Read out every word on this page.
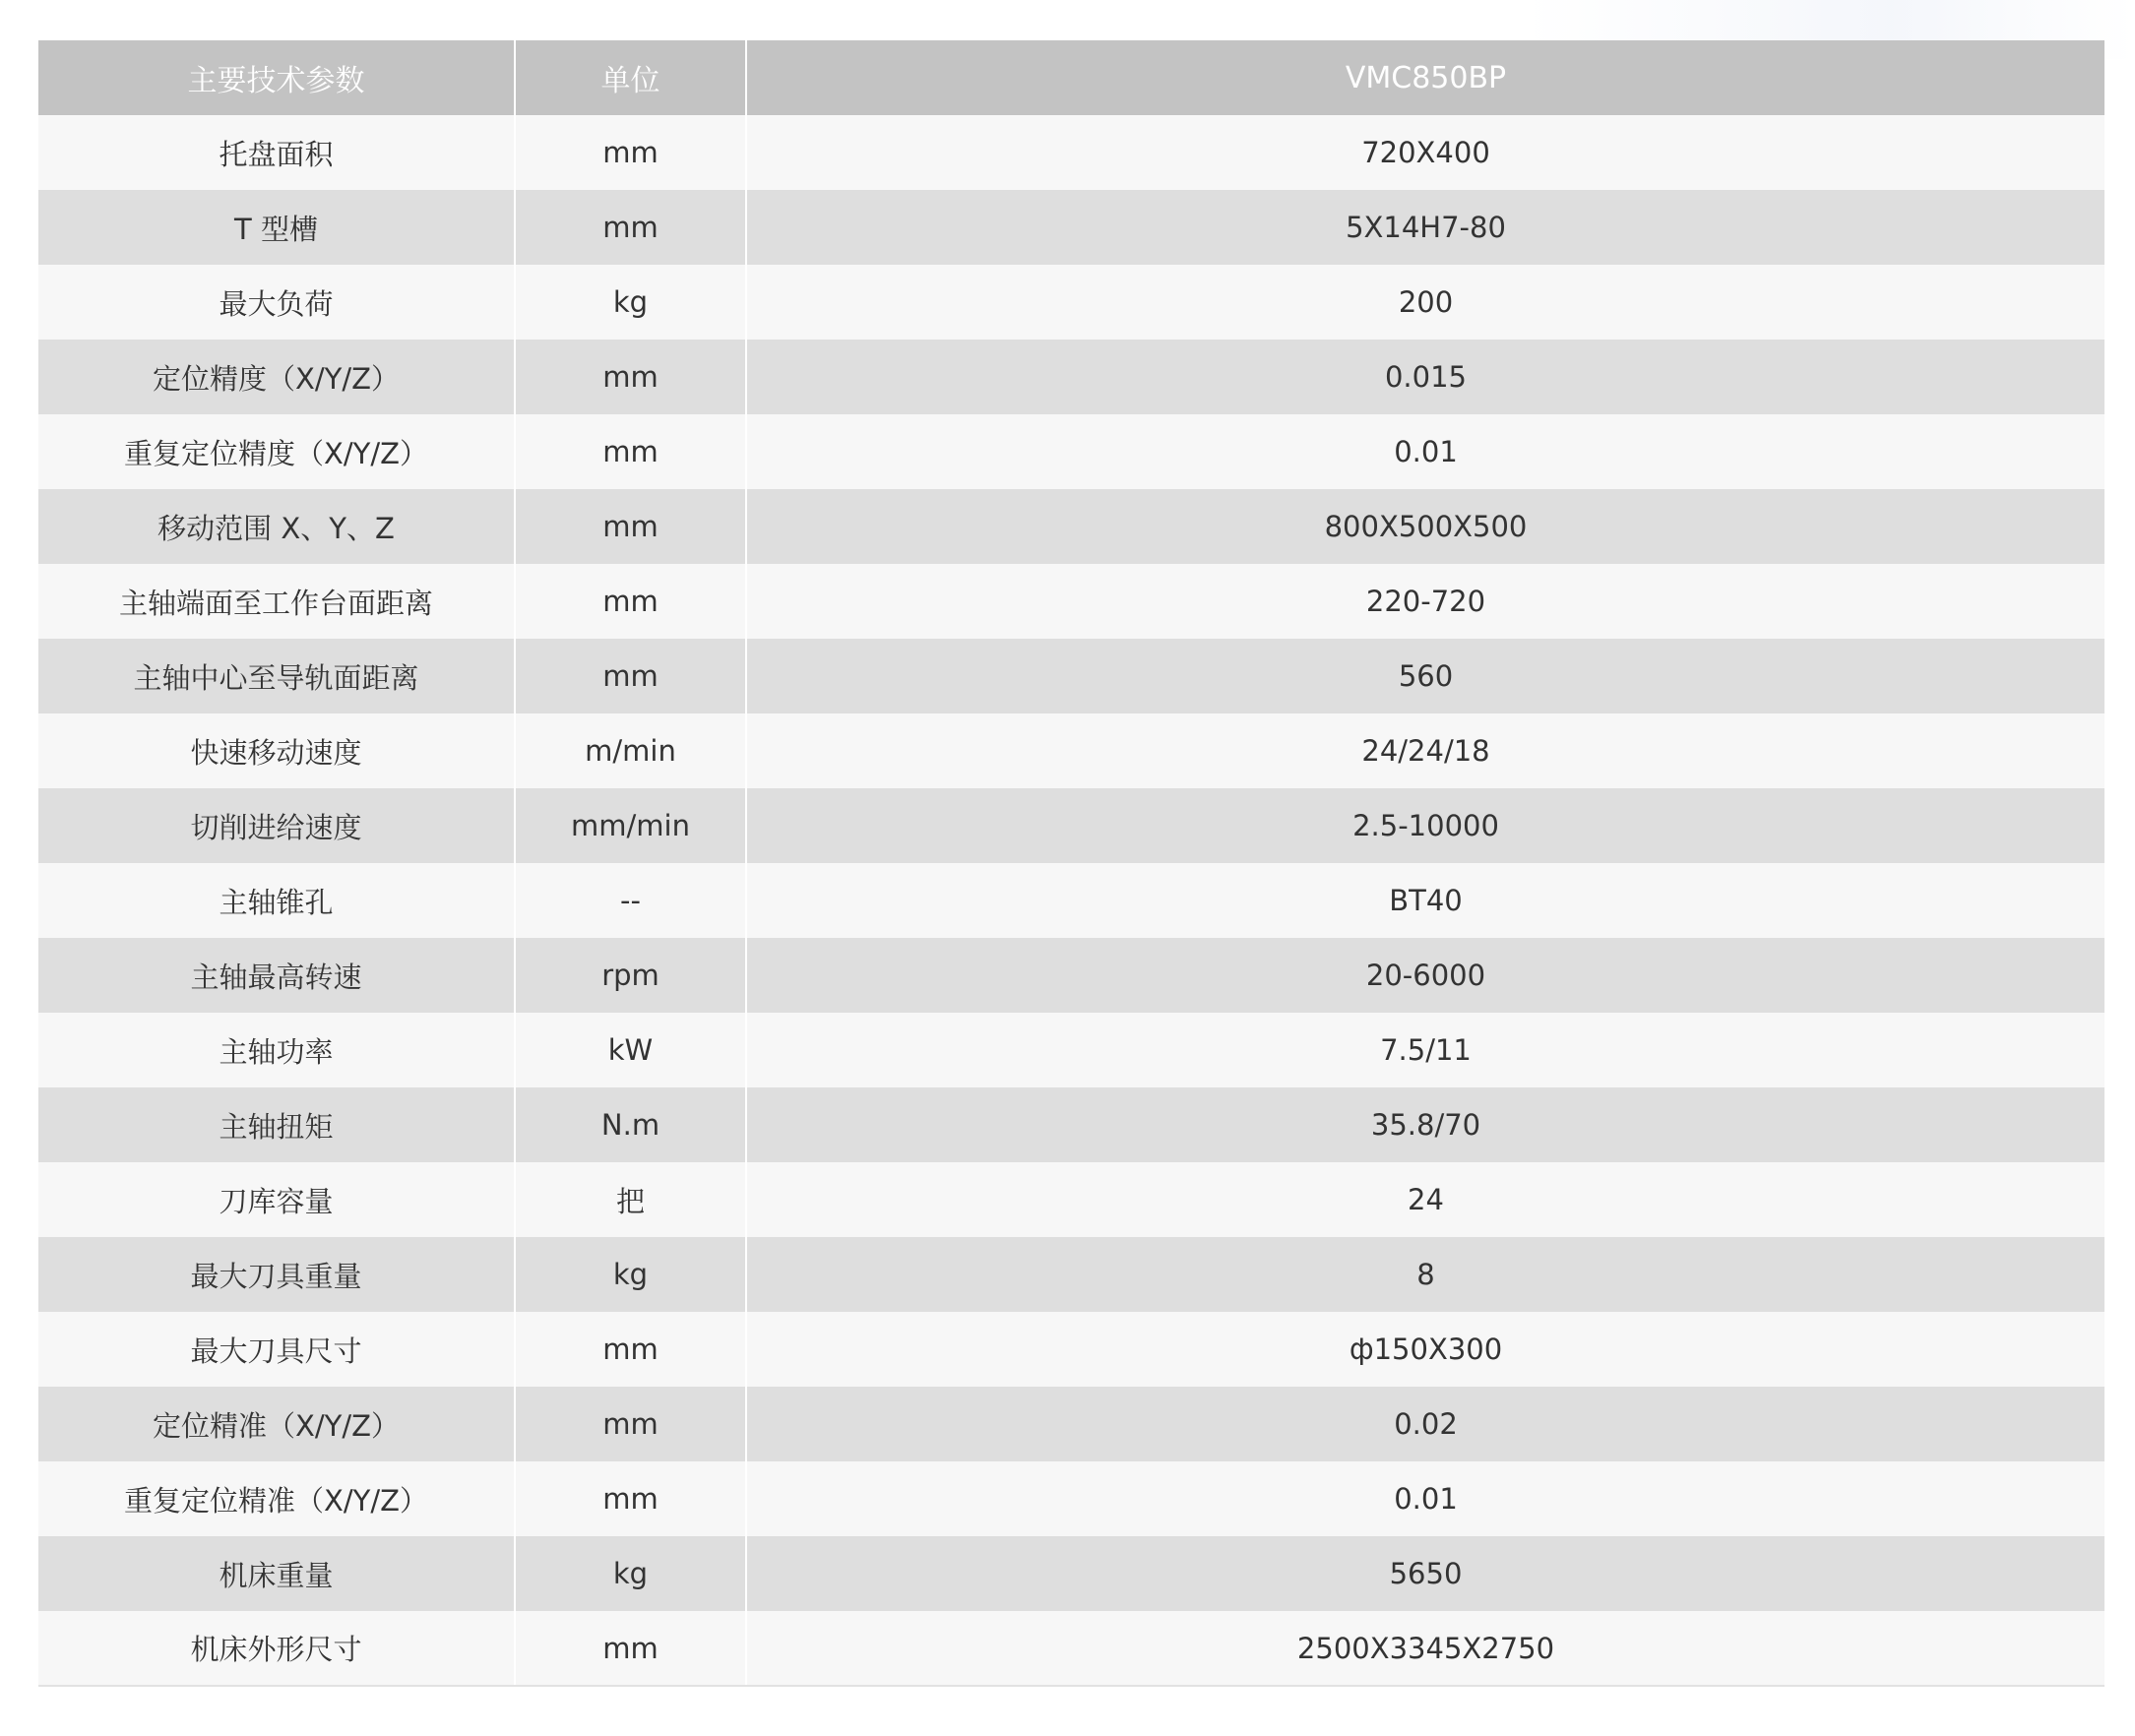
主要技术参数	单位	VMC850BP
托盘面积	mm	720X400
T 型槽	mm	5X14H7-80
最大负荷	kg	200
定位精度（X/Y/Z）	mm	0.015
重复定位精度（X/Y/Z）	mm	0.01
移动范围 X、Y、Z	mm	800X500X500
主轴端面至工作台面距离	mm	220-720
主轴中心至导轨面距离	mm	560
快速移动速度	m/min	24/24/18
切削进给速度	mm/min	2.5-10000
主轴锥孔	--	BT40
主轴最高转速	rpm	20-6000
主轴功率	kW	7.5/11
主轴扭矩	N.m	35.8/70
刀库容量	把	24
最大刀具重量	kg	8
最大刀具尺寸	mm	ф150X300
定位精准（X/Y/Z）	mm	0.02
重复定位精准（X/Y/Z）	mm	0.01
机床重量	kg	5650
机床外形尺寸	mm	2500X3345X2750
